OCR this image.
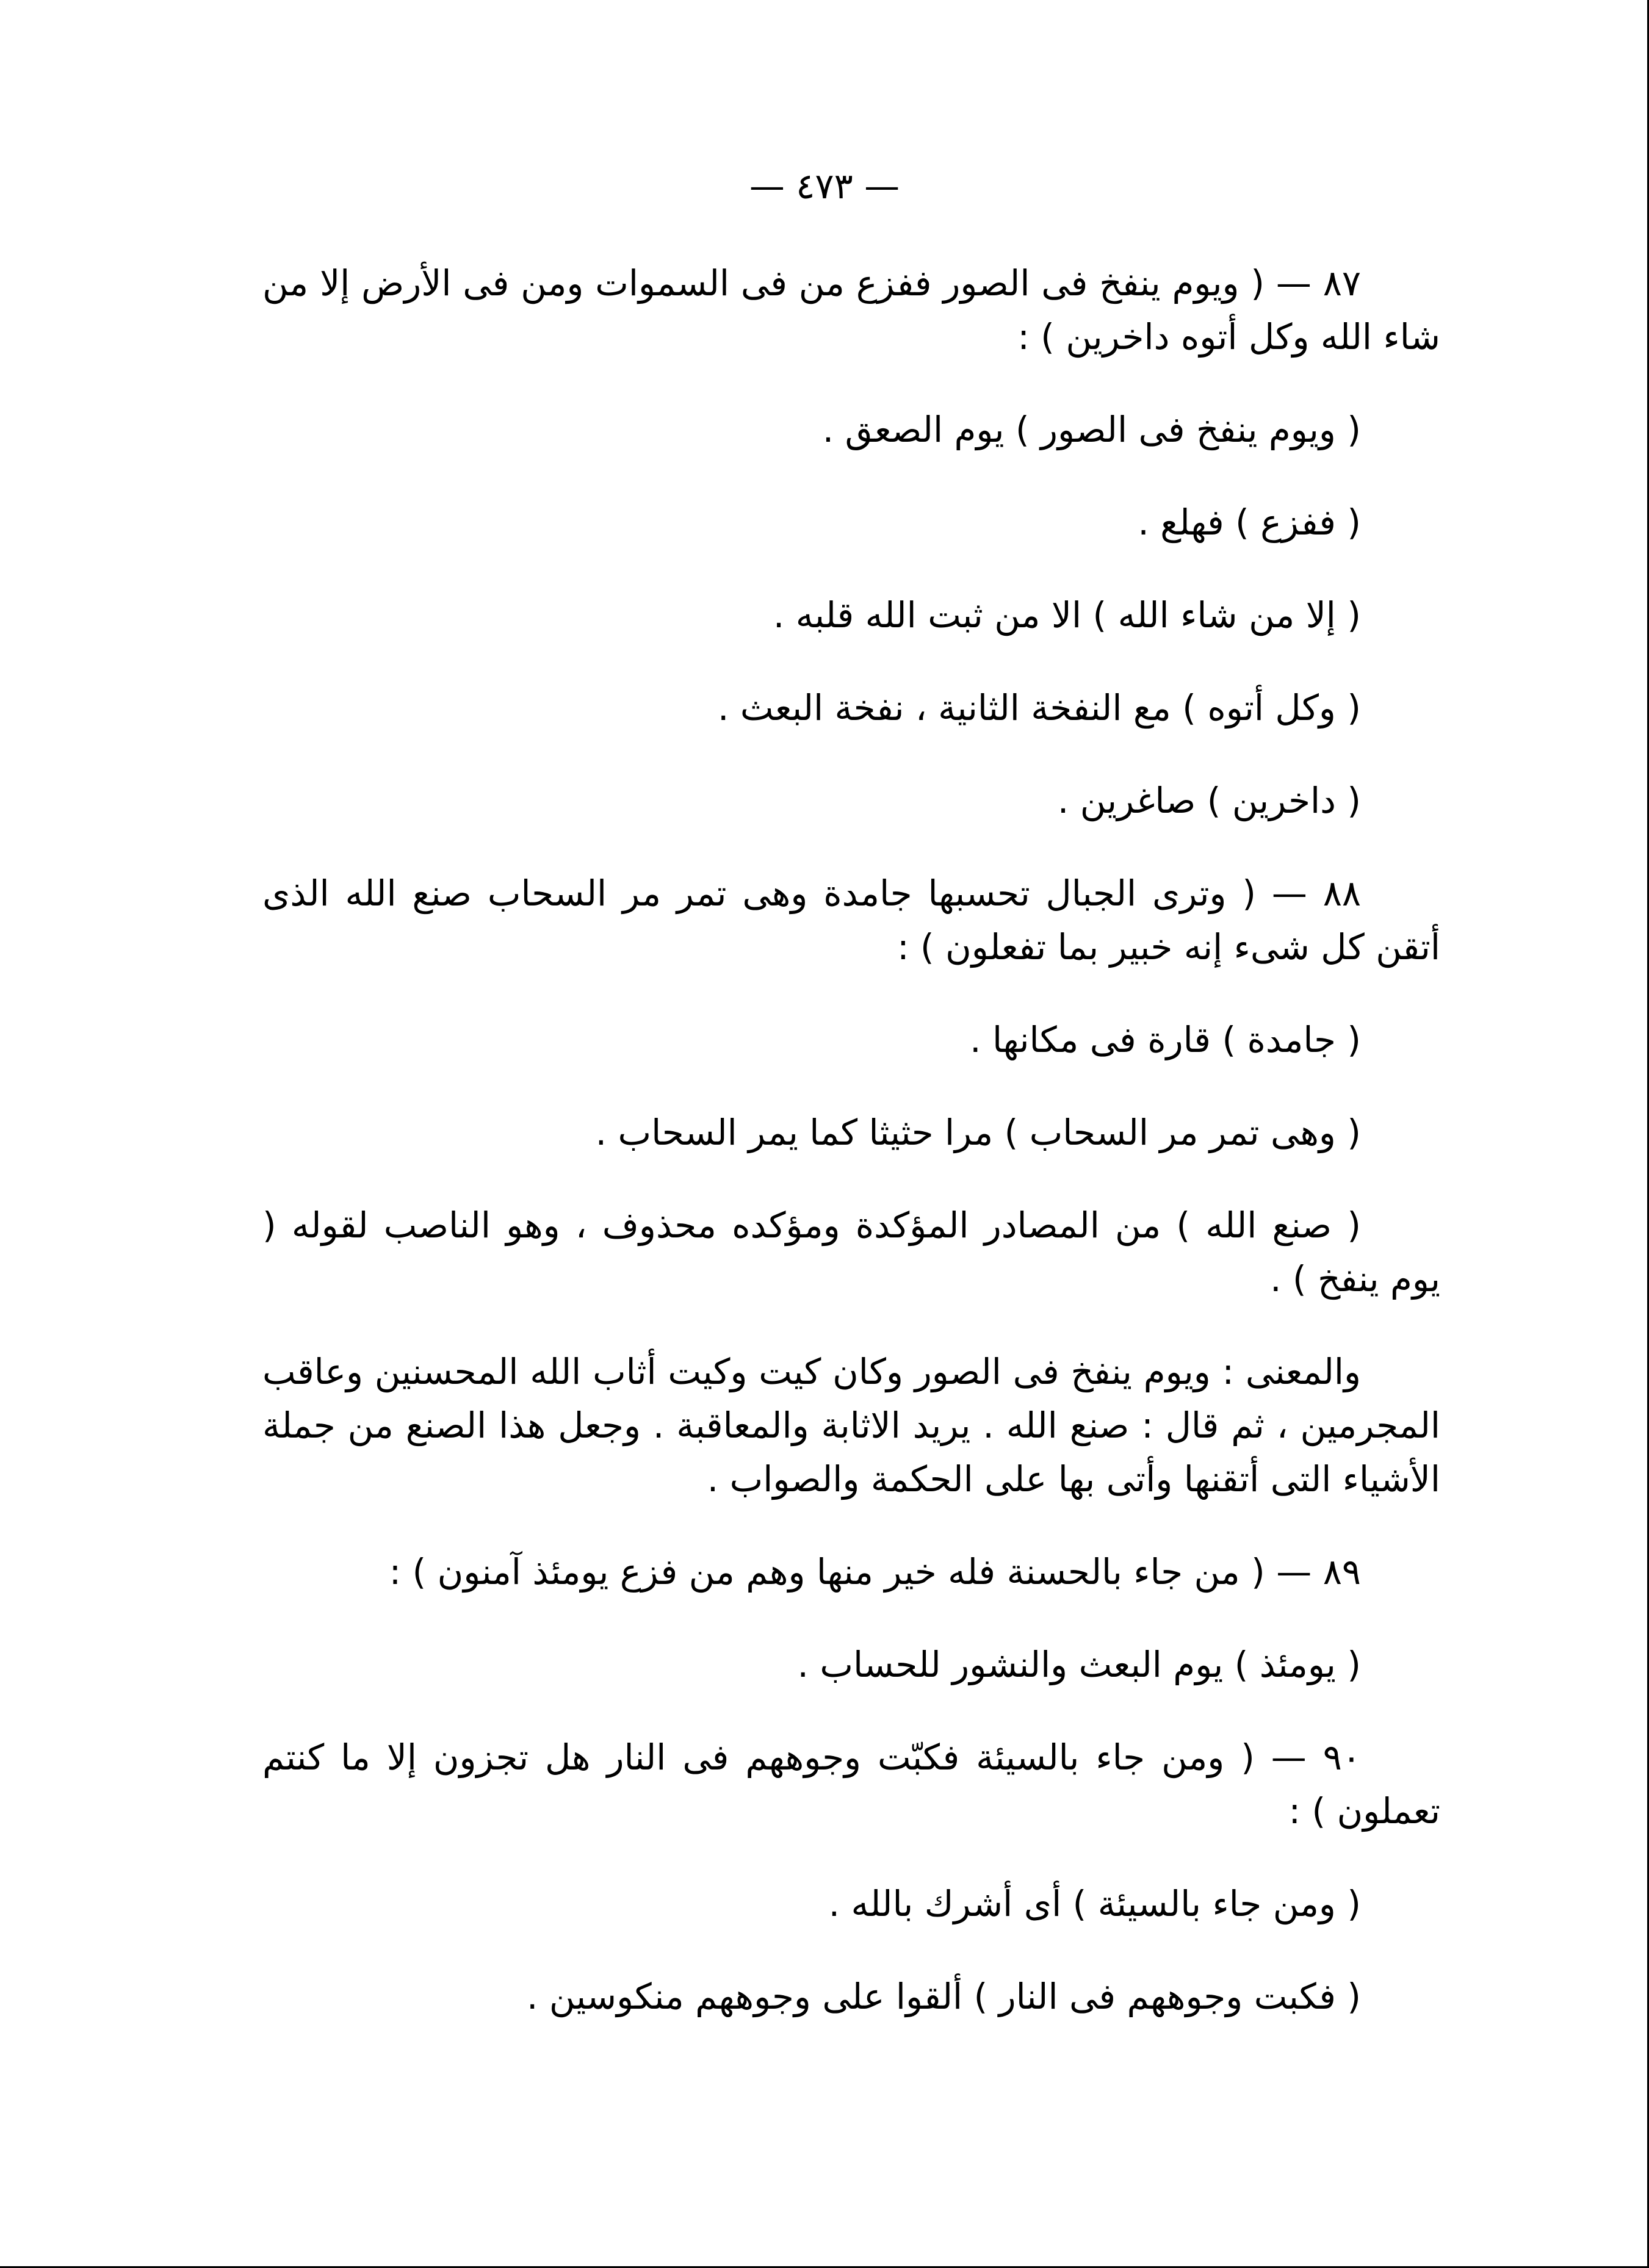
— ٤٧٣ —

٨٧ — ( ويوم ينفخ فى الصور ففزع من فى السموات ومن فى الأرض إلا من شاء الله وكل أتوه داخرين ) :

( ويوم ينفخ فى الصور ) يوم الصعق .

( ففزع ) فهلع .

( إلا من شاء الله ) الا من ثبت الله قلبه .

( وكل أتوه ) مع النفخة الثانية ، نفخة البعث .

( داخرين ) صاغرين .

٨٨ — ( وترى الجبال تحسبها جامدة وهى تمر مر السحاب صنع الله الذى أتقن كل شىء إنه خبير بما تفعلون ) :

( جامدة ) قارة فى مكانها .

( وهى تمر مر السحاب ) مرا حثيثا كما يمر السحاب .

( صنع الله ) من المصادر المؤكدة ومؤكده محذوف ، وهو الناصب لقوله ( يوم ينفخ ) .

والمعنى : ويوم ينفخ فى الصور وكان كيت وكيت أثاب الله المحسنين وعاقب المجرمين ، ثم قال : صنع الله . يريد الاثابة والمعاقبة . وجعل هذا الصنع من جملة الأشياء التى أتقنها وأتى بها على الحكمة والصواب .

٨٩ — ( من جاء بالحسنة فله خير منها وهم من فزع يومئذ آمنون ) :

( يومئذ ) يوم البعث والنشور للحساب .

٩٠ — ( ومن جاء بالسيئة فكبّت وجوههم فى النار هل تجزون إلا ما كنتم تعملون ) :

( ومن جاء بالسيئة ) أى أشرك بالله .

( فكبت وجوههم فى النار ) ألقوا على وجوههم منكوسين .
